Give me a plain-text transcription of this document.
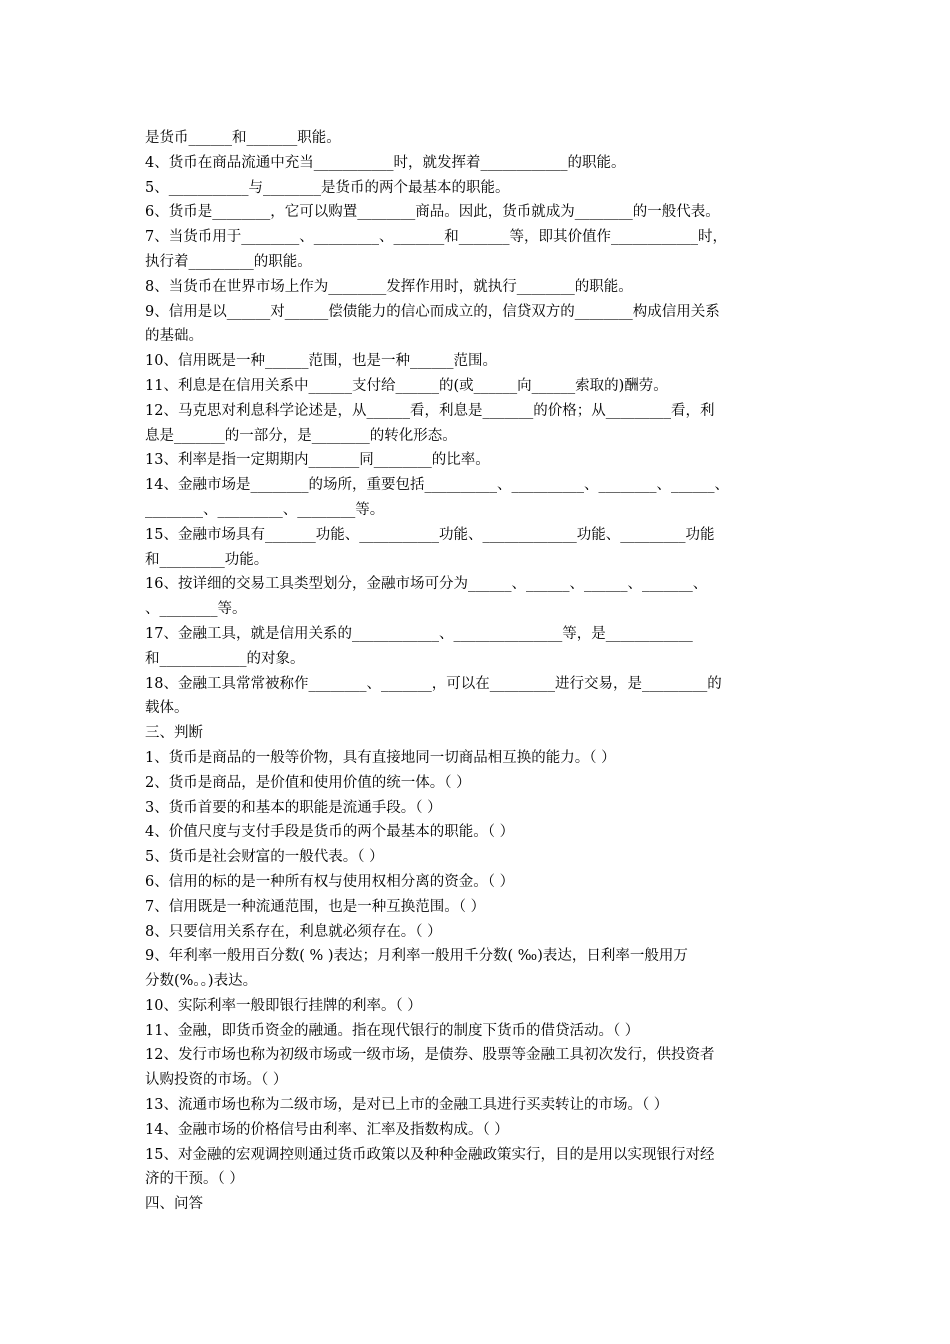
是货币______和_______职能。
4、货币在商品流通中充当___________时，就发挥着____________的职能。
5、___________与________是货币的两个最基本的职能。
6、货币是________，它可以购置________商品。因此，货币就成为________的一般代表。
7、当货币用于________、_________、_______和_______等，即其价值作____________时，
执行着_________的职能。
8、当货币在世界市场上作为________发挥作用时，就执行________的职能。
9、信用是以______对______偿债能力的信心而成立的，信贷双方的________构成信用关系
的基础。
10、信用既是一种______范围，也是一种______范围。
11、利息是在信用关系中______支付给______的(或______向______索取的)酬劳。
12、马克思对利息科学论述是，从______看，利息是_______的价格；从_________看，利
息是_______的一部分，是________的转化形态。
13、利率是指一定期期内_______同________的比率。
14、金融市场是________的场所，重要包括__________、__________、________、______、
________、_________、________等。
15、金融市场具有_______功能、___________功能、_____________功能、_________功能
和_________功能。
16、按详细的交易工具类型划分，金融市场可分为______、______、______、_______、
、________等。
17、金融工具，就是信用关系的____________、_______________等，是____________
和____________的对象。
18、金融工具常常被称作________、_______，可以在_________进行交易，是_________的
载体。
三、判断
1、货币是商品的一般等价物，具有直接地同一切商品相互换的能力。（ ）
2、货币是商品，是价值和使用价值的统一体。（ ）
3、货币首要的和基本的职能是流通手段。（ ）
4、价值尺度与支付手段是货币的两个最基本的职能。（ ）
5、货币是社会财富的一般代表。（ ）
6、信用的标的是一种所有权与使用权相分离的资金。（ ）
7、信用既是一种流通范围，也是一种互换范围。（ ）
8、只要信用关系存在，利息就必须存在。（ ）
9、年利率一般用百分数( % )表达；月利率一般用千分数( ‰)表达，日利率一般用万
分数(%。。)表达。
10、实际利率一般即银行挂牌的利率。（ ）
11、金融，即货币资金的融通。指在现代银行的制度下货币的借贷活动。（ ）
12、发行市场也称为初级市场或一级市场，是债券、股票等金融工具初次发行，供投资者
认购投资的市场。（ ）
13、流通市场也称为二级市场，是对已上市的金融工具进行买卖转让的市场。（ ）
14、金融市场的价格信号由利率、汇率及指数构成。（ ）
15、对金融的宏观调控则通过货币政策以及种种金融政策实行，目的是用以实现银行对经
济的干预。（ ）
四、问答
